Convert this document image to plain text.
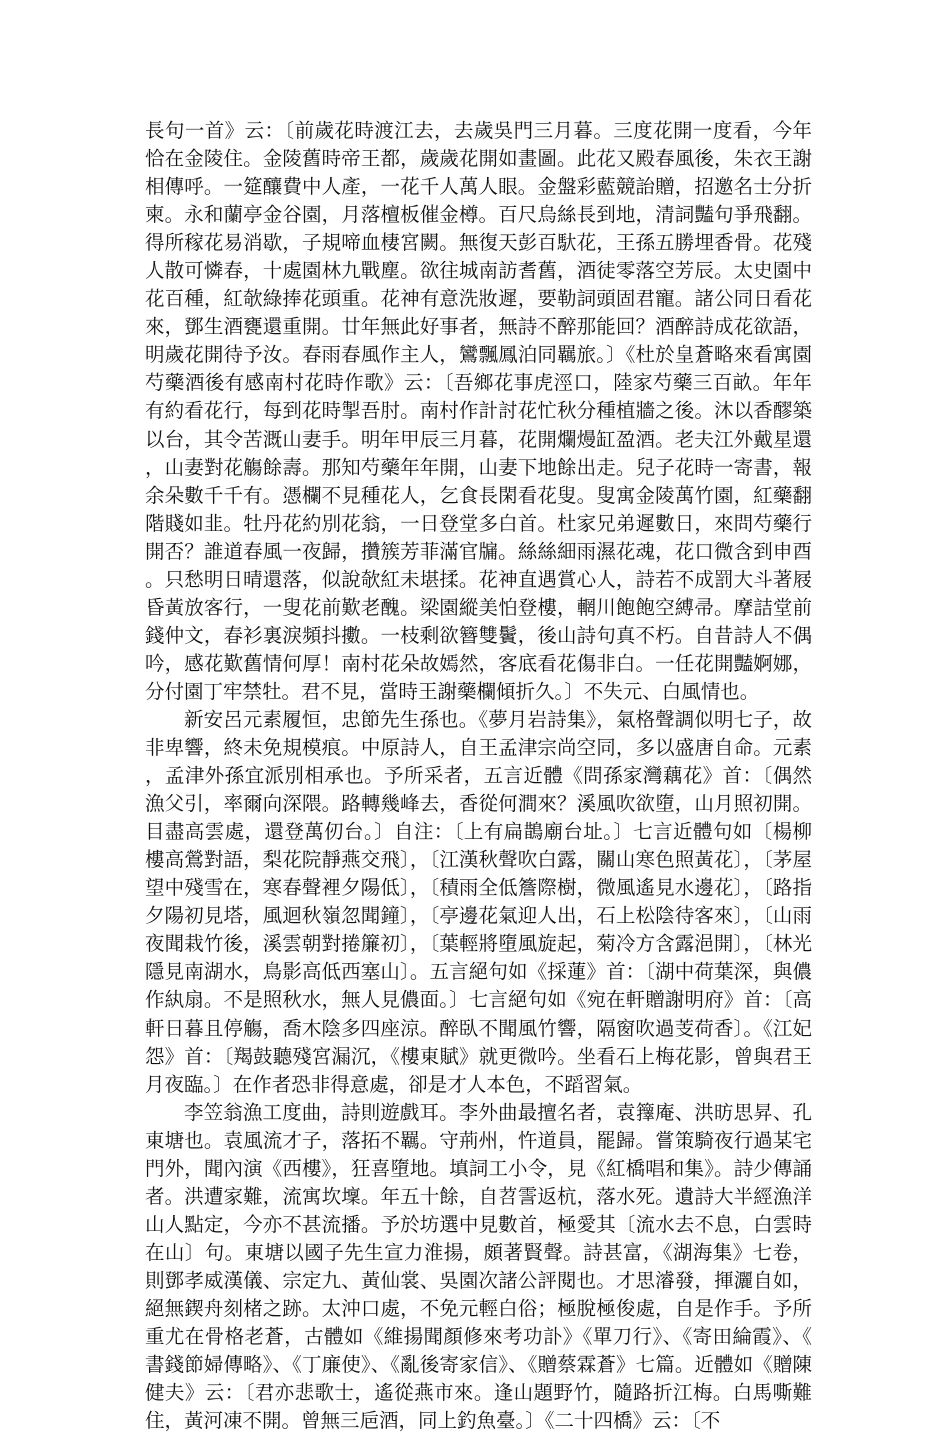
長句一首》云：〔前歲花時渡江去，去歲吳門三月暮。三度花開一度看，今年恰在金陵住。金陵舊時帝王都，歲歲花開如畫圖。此花又殿春風後，朱衣王謝相傳呼。一筵釀費中人產，一花千人萬人眼。金盤彩藍競詒贈，招邀名士分折柬。永和蘭亭金谷園，月落檀板催金樽。百尺烏絲長到地，清詞豔句爭飛翻。得所稼花易消歇，子規啼血棲宮闕。無復天彭百馱花，王孫五勝埋香骨。花殘人散可憐春，十處園林九戰塵。欲往城南訪耆舊，酒徒零落空芳辰。太史園中花百種，紅欹綠捧花頭重。花神有意洗妝遲，要勒詞頭固君寵。諸公同日看花來，鄧生酒甕還重開。廿年無此好事者，無詩不醉那能回？酒醉詩成花欲語，明歲花開待予汝。春雨春風作主人，鸞飄鳳泊同羈旅。〕《杜於皇蒼略來看寓園芍藥酒後有感南村花時作歌》云：〔吾鄉花事虎涇口，陸家芍藥三百畝。年年有約看花行，每到花時掣吾肘。南村作計討花忙秋分種植牆之後。沐以香醪築以台，其令苦溉山妻手。明年甲辰三月暮，花開爛熳缸盈酒。老夫江外戴星還，山妻對花觴餘壽。那知芍藥年年開，山妻下地餘出走。兒子花時一寄書，報余朵數千千有。憑欄不見種花人，乞食長閑看花叟。叟寓金陵萬竹園，紅藥翻階賤如韭。牡丹花約別花翁，一日登堂多白首。杜家兄弟遲數日，來問芍藥行開否？誰道春風一夜歸，攢簇芳菲滿官牖。絲絲細雨濕花魂，花口微含到申酉。只愁明日晴還落，似說欹紅未堪揉。花神直遇賞心人，詩若不成罰大斗著屐昏黃放客行，一叟花前歎老醜。梁園縱美怕登樓，輞川飽飽空縛帚。摩詰堂前錢仲文，春衫裏淚頻抖擻。一枝剩欲簪雙鬢，後山詩句真不朽。自昔詩人不偶吟，感花歎舊情何厚！南村花朵故嫣然，客底看花傷非白。一任花開豔婀娜，分付園丁牢禁牡。君不見，當時王謝藥欄傾折久。〕不失元、白風情也。

新安呂元素履恒，忠節先生孫也。《夢月岩詩集》，氣格聲調似明七子，故非卑響，終未免規模痕。中原詩人，自王孟津宗尚空同，多以盛唐自命。元素，孟津外孫宜派別相承也。予所采者，五言近體《問孫家灣藕花》首：〔偶然漁父引，率爾向深隈。路轉幾峰去，香從何澗來？溪風吹欲墮，山月照初開。目盡高雲處，還登萬仞台。〕自注：〔上有扁鵲廟台址。〕七言近體句如〔楊柳樓高鶯對語，梨花院靜燕交飛〕，〔江漢秋聲吹白露，關山寒色照黃花〕，〔茅屋望中殘雪在，寒春聲裡夕陽低〕，〔積雨全低簷際樹，微風遙見水邊花〕，〔路指夕陽初見塔，風迴秋嶺忽聞鐘〕，〔亭邊花氣迎人出，石上松陰待客來〕，〔山雨夜聞栽竹後，溪雲朝對捲簾初〕，〔葉輕將墮風旋起，菊冷方含露浥開〕，〔林光隱見南湖水，鳥影高低西塞山〕。五言絕句如《採蓮》首：〔湖中荷葉深，與儂作紈扇。不是照秋水，無人見儂面。〕七言絕句如《宛在軒贈謝明府》首：〔高軒日暮且停觴，喬木陰多四座涼。醉臥不聞風竹響，隔窗吹過芰荷香〕。《江妃怨》首：〔羯鼓聽殘宮漏沉，《樓東賦》就更微吟。坐看石上梅花影，曾與君王月夜臨。〕在作者恐非得意處，卻是才人本色，不蹈習氣。

李笠翁漁工度曲，詩則遊戲耳。李外曲最擅名者，袁籜庵、洪昉思昇、孔東塘也。袁風流才子，落拓不羈。守荊州，忤道員，罷歸。嘗策騎夜行過某宅門外，聞內演《西樓》，狂喜墮地。填詞工小令，見《紅橋唱和集》。詩少傳誦者。洪遭家難，流寓坎壈。年五十餘，自苕霅返杭，落水死。遺詩大半經漁洋山人點定，今亦不甚流播。予於坊選中見數首，極愛其〔流水去不息，白雲時在山〕句。東塘以國子先生宣力淮揚，頗著賢聲。詩甚富，《湖海集》七卷，則鄧孝威漢儀、宗定九、黃仙裳、吳園次諸公評閱也。才思濬發，揮灑自如，絕無鍥舟刻楮之跡。太沖口處，不免元輕白俗；極脫極俊處，自是作手。予所重尤在骨格老蒼，古體如《維揚聞顏修來考功訃》《單刀行》、《寄田綸霞》、《書錢節婦傳略》、《丁廉使》、《亂後寄家信》、《贈蔡霖蒼》七篇。近體如《贈陳健夫》云：〔君亦悲歌士，遙從燕市來。逢山題野竹，隨路折江梅。白馬嘶難住，黃河凍不開。曾無三巵酒，同上釣魚臺。〕《二十四橋》云：〔不
